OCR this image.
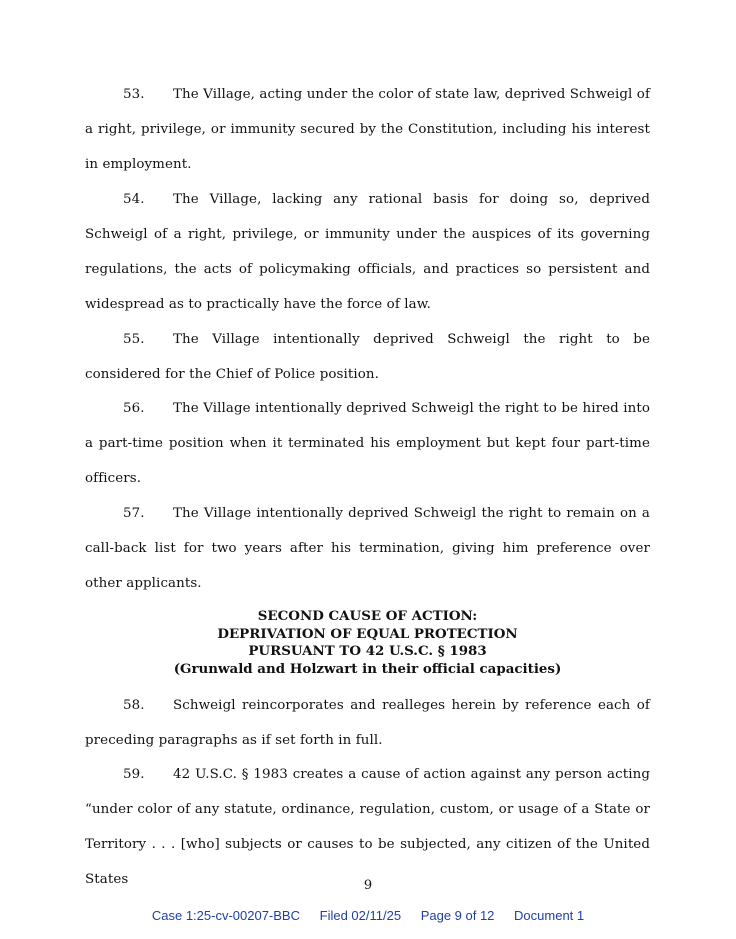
53. The Village, acting under the color of state law, deprived Schweigl of a right, privilege, or immunity secured by the Constitution, including his interest in employment.

54. The Village, lacking any rational basis for doing so, deprived Schweigl of a right, privilege, or immunity under the auspices of its governing regulations, the acts of policymaking officials, and practices so persistent and widespread as to practically have the force of law.

55. The Village intentionally deprived Schweigl the right to be considered for the Chief of Police position.

56. The Village intentionally deprived Schweigl the right to be hired into a part-time position when it terminated his employment but kept four part-time officers.

57. The Village intentionally deprived Schweigl the right to remain on a call-back list for two years after his termination, giving him preference over other applicants.

SECOND CAUSE OF ACTION:
DEPRIVATION OF EQUAL PROTECTION
PURSUANT TO 42 U.S.C. § 1983
(Grunwald and Holzwart in their official capacities)

58. Schweigl reincorporates and realleges herein by reference each of preceding paragraphs as if set forth in full.

59. 42 U.S.C. § 1983 creates a cause of action against any person acting “under color of any statute, ordinance, regulation, custom, or usage of a State or Territory . . . [who] subjects or causes to be subjected, any citizen of the United States	9
Case 1:25-cv-00207-BBC Filed 02/11/25 Page 9 of 12 Document 1
